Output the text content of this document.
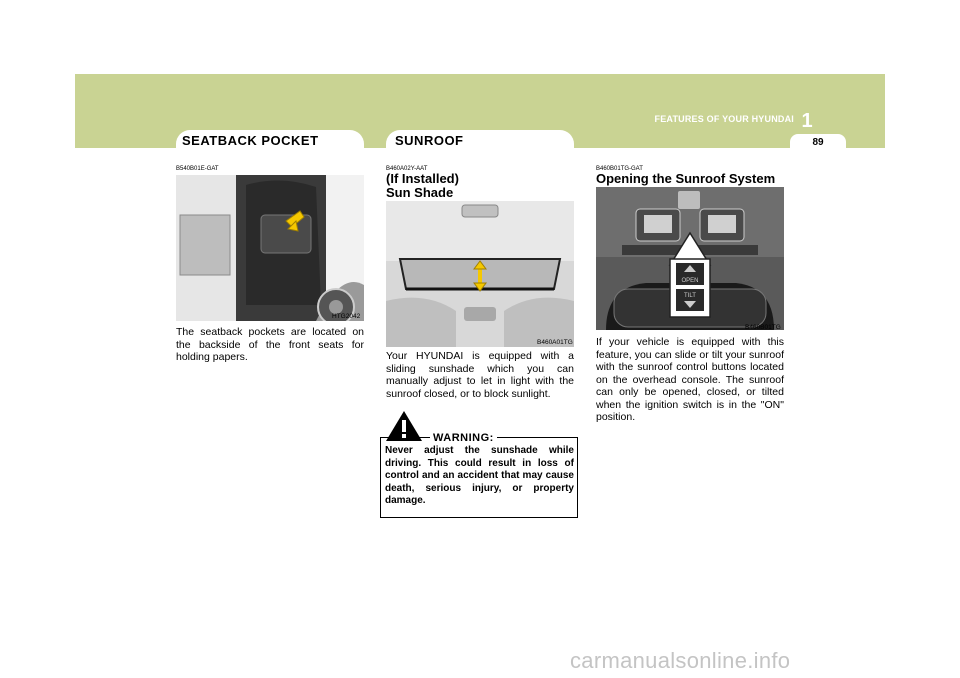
1
FEATURES OF YOUR HYUNDAI
89
SEATBACK POCKET	SUNROOF
B540B01E-GAT
HTG2042

The seatback pockets are located on the backside of the front seats for holding papers.

B460A02Y-AAT
(If Installed)
Sun Shade
B460A01TG

Your HYUNDAI is equipped with a sliding sunshade which you can manually adjust to let in light with the sunroof closed, or to block sunlight.

WARNING:

Never adjust the sunshade while driving. This could result in loss of control and an accident that may cause death, serious injury, or property damage.

B460B01TG-GAT
Opening the Sunroof System
OPEN
TILT
B460B01TG

If your vehicle is equipped with this feature, you can slide or tilt your sunroof with the sunroof control buttons located on the overhead console. The sunroof can only be opened, closed, or tilted when the ignition switch is in the "ON" position.

carmanualsonline.info
